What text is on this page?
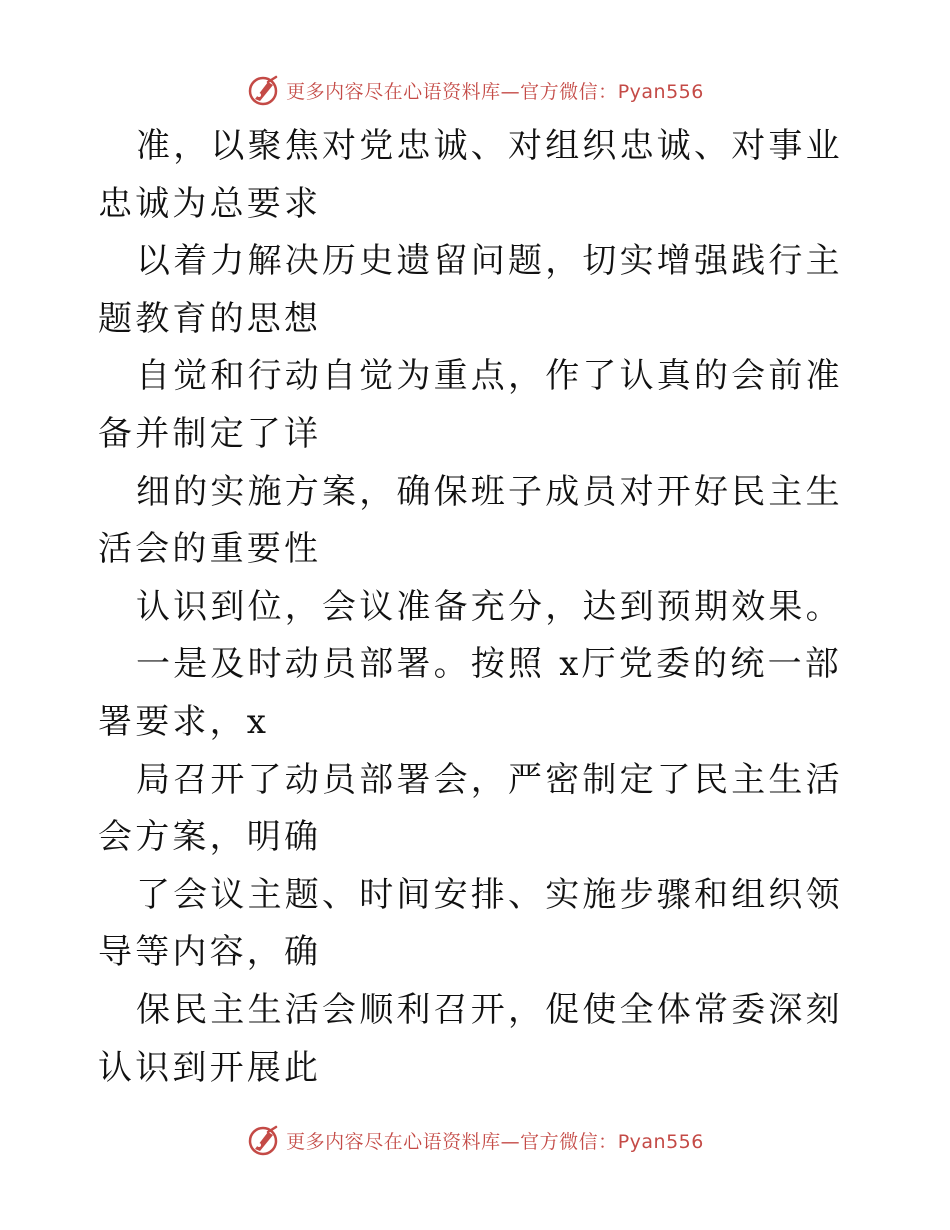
更多内容尽在心语资料库—官方微信：Pyan556

准，以聚焦对党忠诚、对组织忠诚、对事业忠诚为总要求

以着力解决历史遗留问题，切实增强践行主题教育的思想

自觉和行动自觉为重点，作了认真的会前准备并制定了详

细的实施方案，确保班子成员对开好民主生活会的重要性

认识到位，会议准备充分，达到预期效果。

一是及时动员部署。按照 x厅党委的统一部署要求，x

局召开了动员部署会，严密制定了民主生活会方案，明确

了会议主题、时间安排、实施步骤和组织领导等内容，确

保民主生活会顺利召开，促使全体常委深刻认识到开展此

更多内容尽在心语资料库—官方微信：Pyan556
